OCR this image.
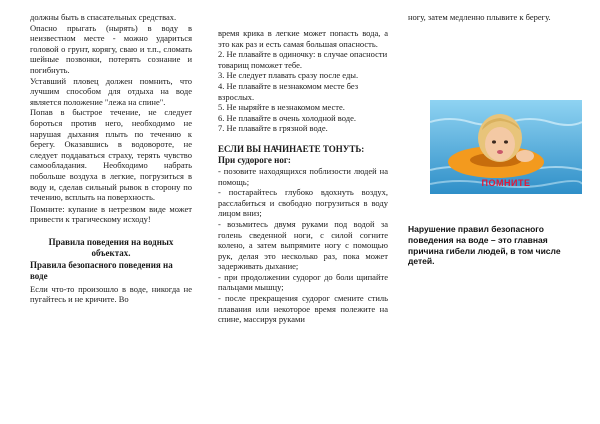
должны быть в спасательных средствах.

Опасно прыгать (нырять) в воду в неизвестном месте - можно удариться головой о грунт, корягу, сваю и т.п., сломать шейные позвонки, потерять сознание и погибнуть.

Уставший пловец должен помнить, что лучшим способом для отдыха на воде является положение "лежа на спине".

Попав в быстрое течение, не следует бороться против него, необходимо не нарушая дыхания плыть по течению к берегу. Оказавшись в водовороте, не следует поддаваться страху, терять чувство самообладания. Необходимо набрать побольше воздуха в легкие, погрузиться в воду и, сделав сильный рывок в сторону по течению, всплыть на поверхность.

Помните: купание в нетрезвом виде может привести к трагическому исходу!

Правила поведения на водных объектах.

Правила безопасного поведения на воде

Если что-то произошло в воде, никогда не пугайтесь и не кричите. Во

время крика в легкие может попасть вода, а это как раз и есть самая большая опасность.

2. Не плавайте в одиночку: в случае опасности товарищ поможет тебе.

3. Не следует плавать сразу после еды.

4. Не плавайте в незнакомом месте без взрослых.

5. Не ныряйте в незнакомом месте.

6. Не плавайте в очень холодной воде.

7. Не плавайте в грязной воде.

ЕСЛИ ВЫ НАЧИНАЕТЕ ТОНУТЬ:

При судорогe ног:

- позовите находящихся поблизости людей на помощь;

- постарайтесь глубоко вдохнуть воздух, расслабиться и свободно погрузиться в воду лицом вниз;

- возьмитесь двумя руками под водой за голень сведенной ноги, с силой согните колено, а затем выпрямите ногу с помощью рук, делая это несколько раз, пока может задерживать дыхание;

- при продолжении судорог до боли щипайте пальцами мышцу;

- после прекращения судорог смените стиль плавания или некоторое время полежите на спине, массируя руками

ногу, затем медленно плывите к берегу.

ПОМНИТЕ
Нарушение правил безопасного поведения на воде – это главная причина гибели людей, в том числе детей.
